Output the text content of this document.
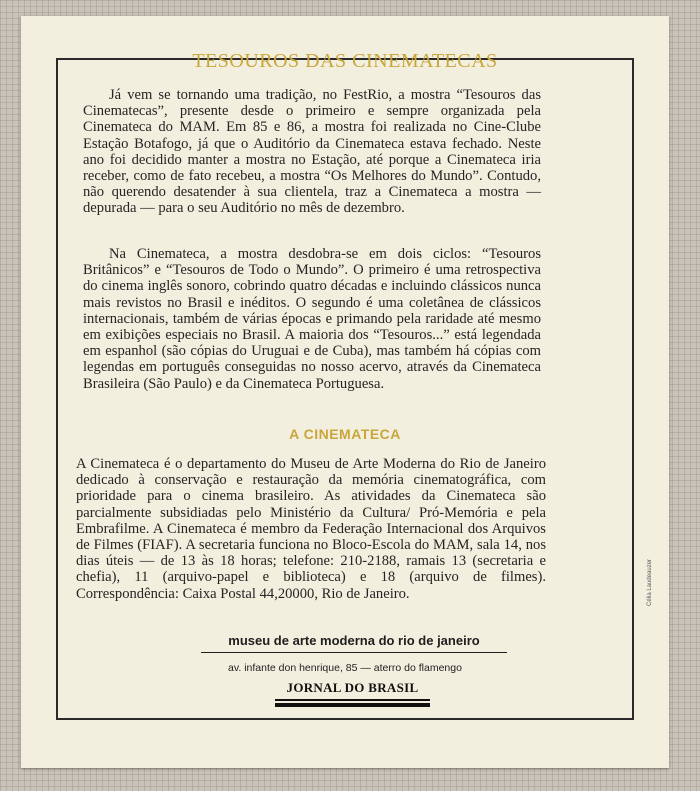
TESOUROS DAS CINEMATECAS

Já vem se tornando uma tradição, no FestRio, a mostra “Tesouros das Cinematecas”, presente desde o primeiro e sempre organizada pela Cinemateca do MAM. Em 85 e 86, a mostra foi realizada no Cine-Clube Estação Botafogo, já que o Auditório da Cinemateca estava fechado. Neste ano foi decidido manter a mostra no Estação, até porque a Cinemateca iria receber, como de fato recebeu, a mostra “Os Melhores do Mundo”. Contudo, não querendo desatender à sua clientela, traz a Cinemateca a mostra — depurada — para o seu Auditório no mês de dezembro.

Na Cinemateca, a mostra desdobra-se em dois ciclos: “Tesouros Britânicos” e “Tesouros de Todo o Mundo”. O primeiro é uma retrospectiva do cinema inglês sonoro, cobrindo quatro décadas e incluindo clássicos nunca mais revistos no Brasil e inéditos. O segundo é uma coletânea de clássicos internacionais, também de várias épocas e primando pela raridade até mesmo em exibições especiais no Brasil. A maioria dos “Tesouros...” está legendada em espanhol (são cópias do Uruguai e de Cuba), mas também há cópias com legendas em português conseguidas no nosso acervo, através da Cinemateca Brasileira (São Paulo) e da Cinemateca Portuguesa.

A CINEMATECA

A Cinemateca é o departamento do Museu de Arte Moderna do Rio de Janeiro dedicado à conservação e restauração da memória cinematográfica, com prioridade para o cinema brasileiro. As atividades da Cinemateca são parcialmente subsidiadas pelo Ministério da Cultura/ Pró-Memória e pela Embrafilme. A Cinemateca é membro da Federação Internacional dos Arquivos de Filmes (FIAF). A secretaria funciona no Bloco-Escola do MAM, sala 14, nos dias úteis — de 13 às 18 horas; telefone: 210-2188, ramais 13 (secretaria e chefia), 11 (arquivo-papel e biblioteca) e 18 (arquivo de filmes). Correspondência: Caixa Postal 44,20000, Rio de Janeiro.	Célia Laudeauzer

museu de arte moderna do rio de janeiro

av. infante don henrique, 85 — aterro do flamengo

JORNAL DO BRASIL
